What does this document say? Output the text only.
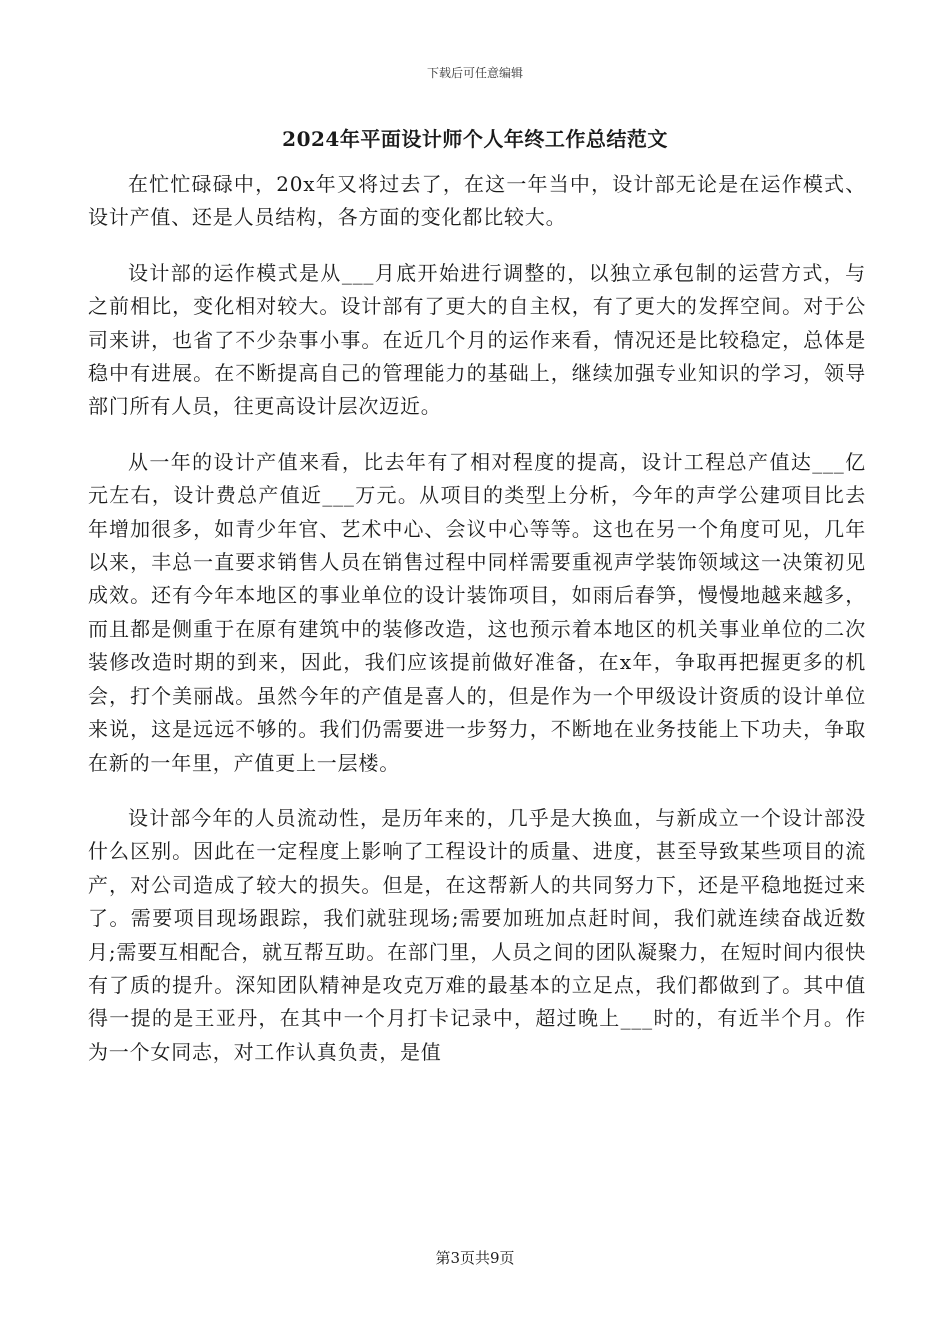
下载后可任意编辑
2024年平面设计师个人年终工作总结范文

在忙忙碌碌中，20x年又将过去了，在这一年当中，设计部无论是在运作模式、设计产值、还是人员结构，各方面的变化都比较大。

设计部的运作模式是从___月底开始进行调整的，以独立承包制的运营方式，与之前相比，变化相对较大。设计部有了更大的自主权，有了更大的发挥空间。对于公司来讲，也省了不少杂事小事。在近几个月的运作来看，情况还是比较稳定，总体是稳中有进展。在不断提高自己的管理能力的基础上，继续加强专业知识的学习，领导部门所有人员，往更高设计层次迈近。

从一年的设计产值来看，比去年有了相对程度的提高，设计工程总产值达___亿元左右，设计费总产值近___万元。从项目的类型上分析，今年的声学公建项目比去年增加很多，如青少年官、艺术中心、会议中心等等。这也在另一个角度可见，几年以来，丰总一直要求销售人员在销售过程中同样需要重视声学装饰领域这一决策初见成效。还有今年本地区的事业单位的设计装饰项目，如雨后春笋，慢慢地越来越多，而且都是侧重于在原有建筑中的装修改造，这也预示着本地区的机关事业单位的二次装修改造时期的到来，因此，我们应该提前做好准备，在x年，争取再把握更多的机会，打个美丽战。虽然今年的产值是喜人的，但是作为一个甲级设计资质的设计单位来说，这是远远不够的。我们仍需要进一步努力，不断地在业务技能上下功夫，争取在新的一年里，产值更上一层楼。

设计部今年的人员流动性，是历年来的，几乎是大换血，与新成立一个设计部没什么区别。因此在一定程度上影响了工程设计的质量、进度，甚至导致某些项目的流产，对公司造成了较大的损失。但是，在这帮新人的共同努力下，还是平稳地挺过来了。需要项目现场跟踪，我们就驻现场;需要加班加点赶时间，我们就连续奋战近数月;需要互相配合，就互帮互助。在部门里，人员之间的团队凝聚力，在短时间内很快有了质的提升。深知团队精神是攻克万难的最基本的立足点，我们都做到了。其中值得一提的是王亚丹，在其中一个月打卡记录中，超过晚上___时的，有近半个月。作为一个女同志，对工作认真负责，是值

第3页共9页
